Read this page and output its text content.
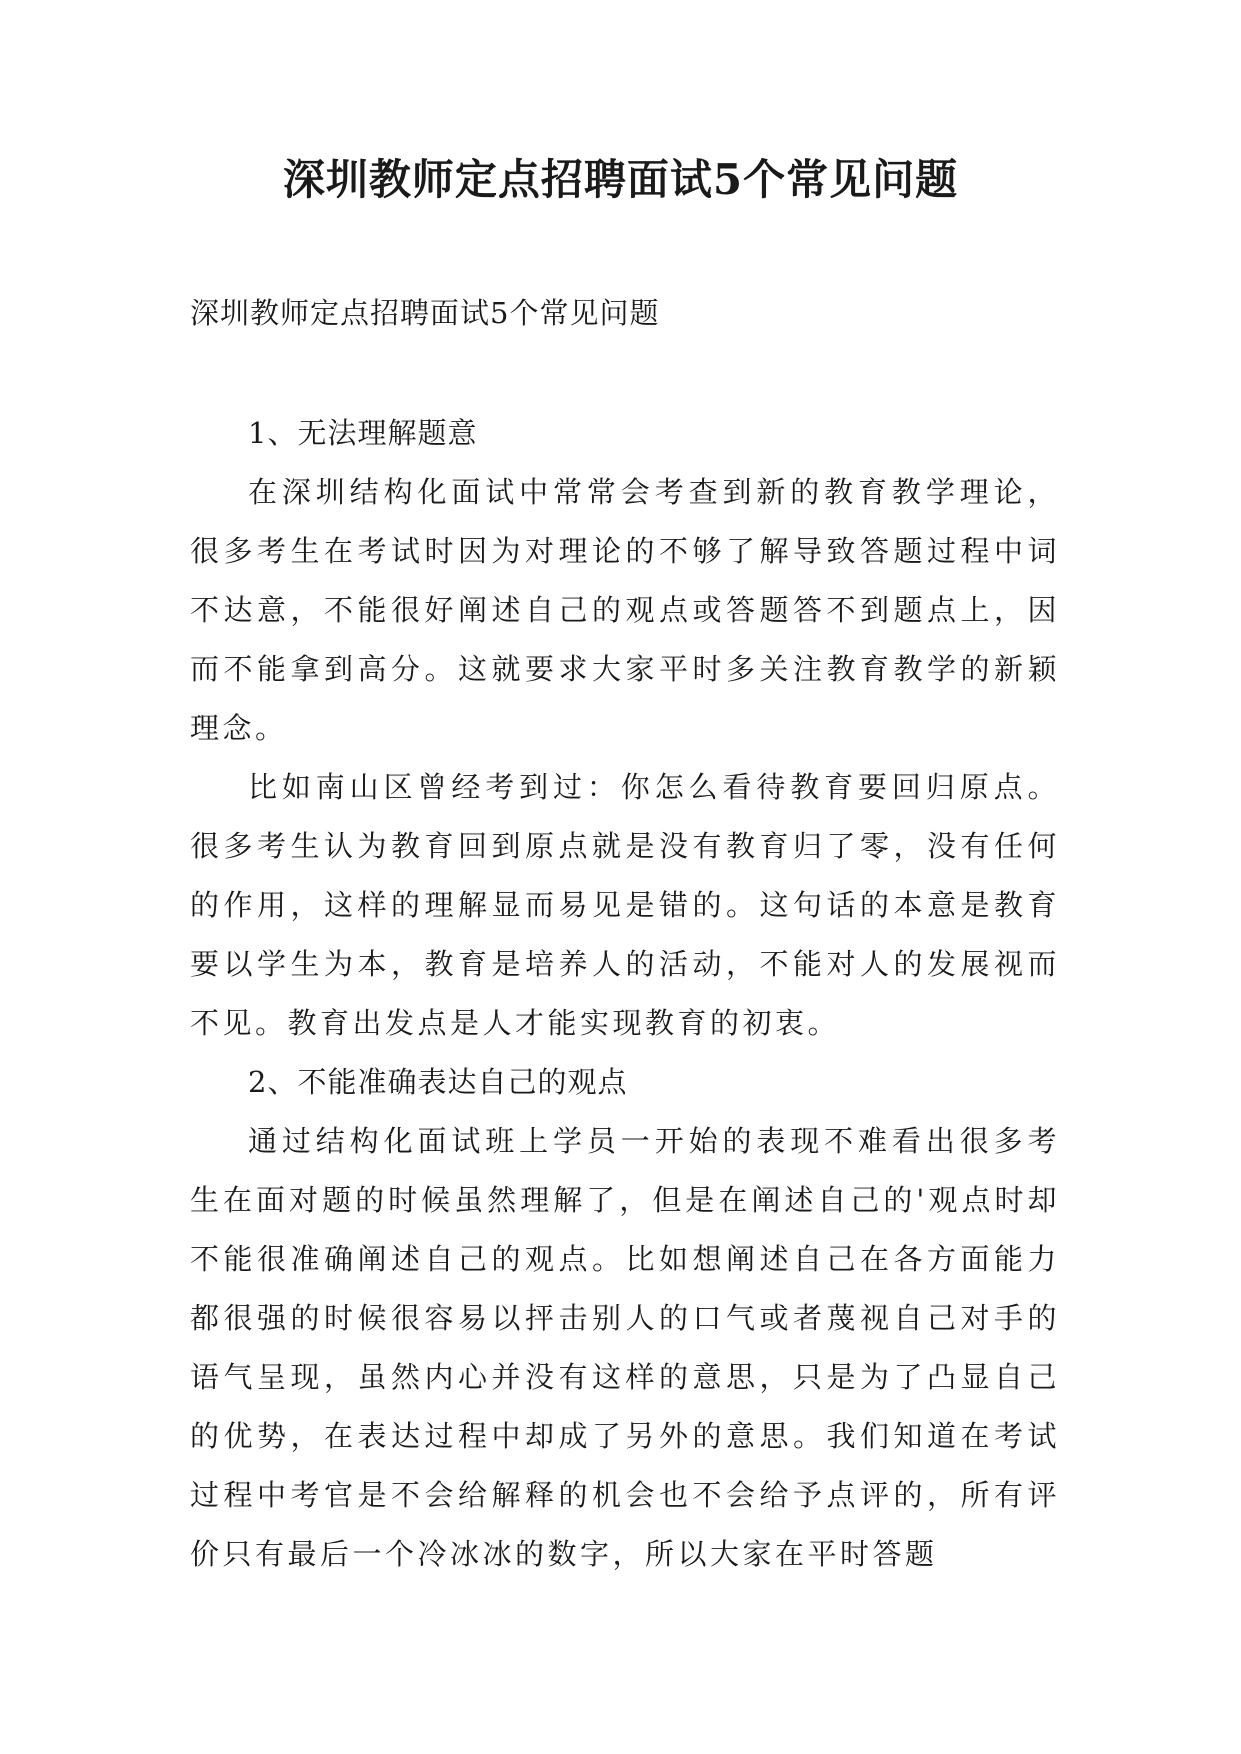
深圳教师定点招聘面试5个常见问题

深圳教师定点招聘面试5个常见问题

1、无法理解题意

在深圳结构化面试中常常会考查到新的教育教学理论，很多考生在考试时因为对理论的不够了解导致答题过程中词不达意，不能很好阐述自己的观点或答题答不到题点上，因而不能拿到高分。这就要求大家平时多关注教育教学的新颖理念。

比如南山区曾经考到过：你怎么看待教育要回归原点。很多考生认为教育回到原点就是没有教育归了零，没有任何的作用，这样的理解显而易见是错的。这句话的本意是教育要以学生为本，教育是培养人的活动，不能对人的发展视而不见。教育出发点是人才能实现教育的初衷。

2、不能准确表达自己的观点

通过结构化面试班上学员一开始的表现不难看出很多考生在面对题的时候虽然理解了，但是在阐述自己的'观点时却不能很准确阐述自己的观点。比如想阐述自己在各方面能力都很强的时候很容易以抨击别人的口气或者蔑视自己对手的语气呈现，虽然内心并没有这样的意思，只是为了凸显自己的优势，在表达过程中却成了另外的意思。我们知道在考试过程中考官是不会给解释的机会也不会给予点评的，所有评价只有最后一个冷冰冰的数字，所以大家在平时答题
